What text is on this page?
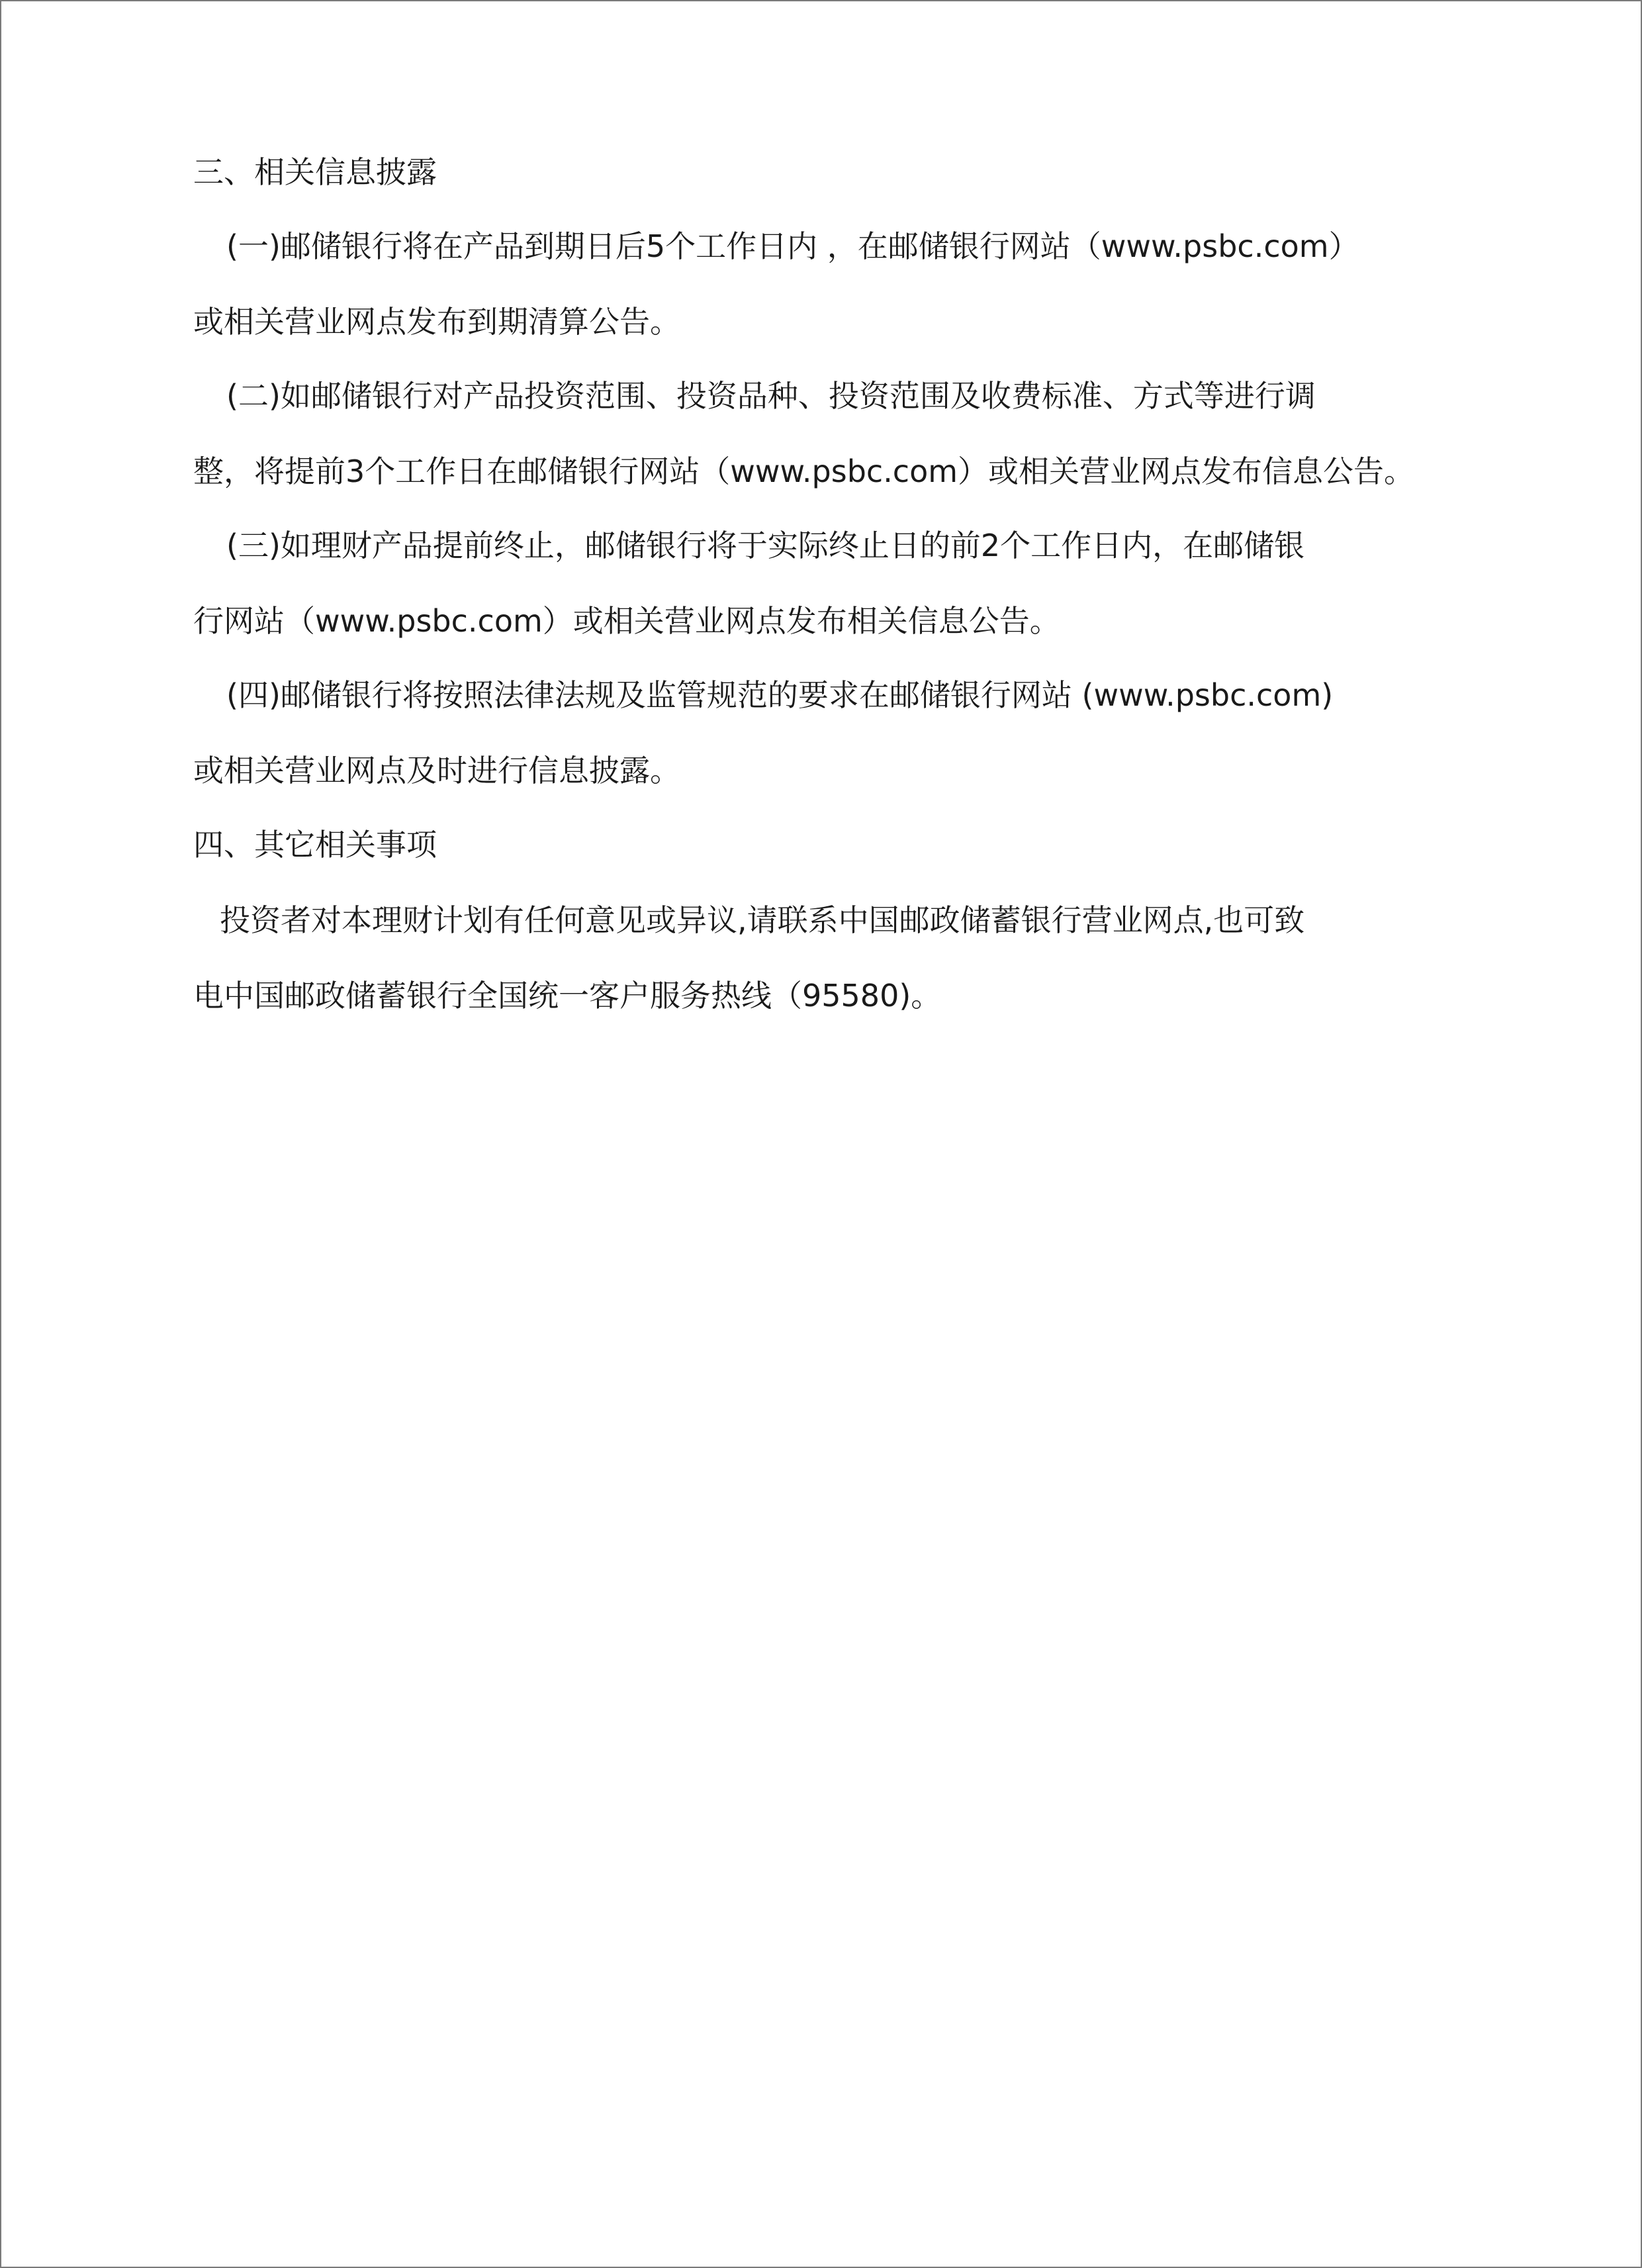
三、相关信息披露
(一)邮储银行将在产品到期日后5个工作日内 ，在邮储银行网站（www.psbc.com）
或相关营业网点发布到期清算公告。
(二)如邮储银行对产品投资范围、投资品种、投资范围及收费标准、方式等进行调
整，将提前3个工作日在邮储银行网站（www.psbc.com）或相关营业网点发布信息公告。
(三)如理财产品提前终止，邮储银行将于实际终止日的前2个工作日内，在邮储银
行网站（www.psbc.com）或相关营业网点发布相关信息公告。
(四)邮储银行将按照法律法规及监管规范的要求在邮储银行网站 (www.psbc.com)
或相关营业网点及时进行信息披露。
四、其它相关事项
投资者对本理财计划有任何意见或异议,请联系中国邮政储蓄银行营业网点,也可致
电中国邮政储蓄银行全国统一客户服务热线（95580)。
